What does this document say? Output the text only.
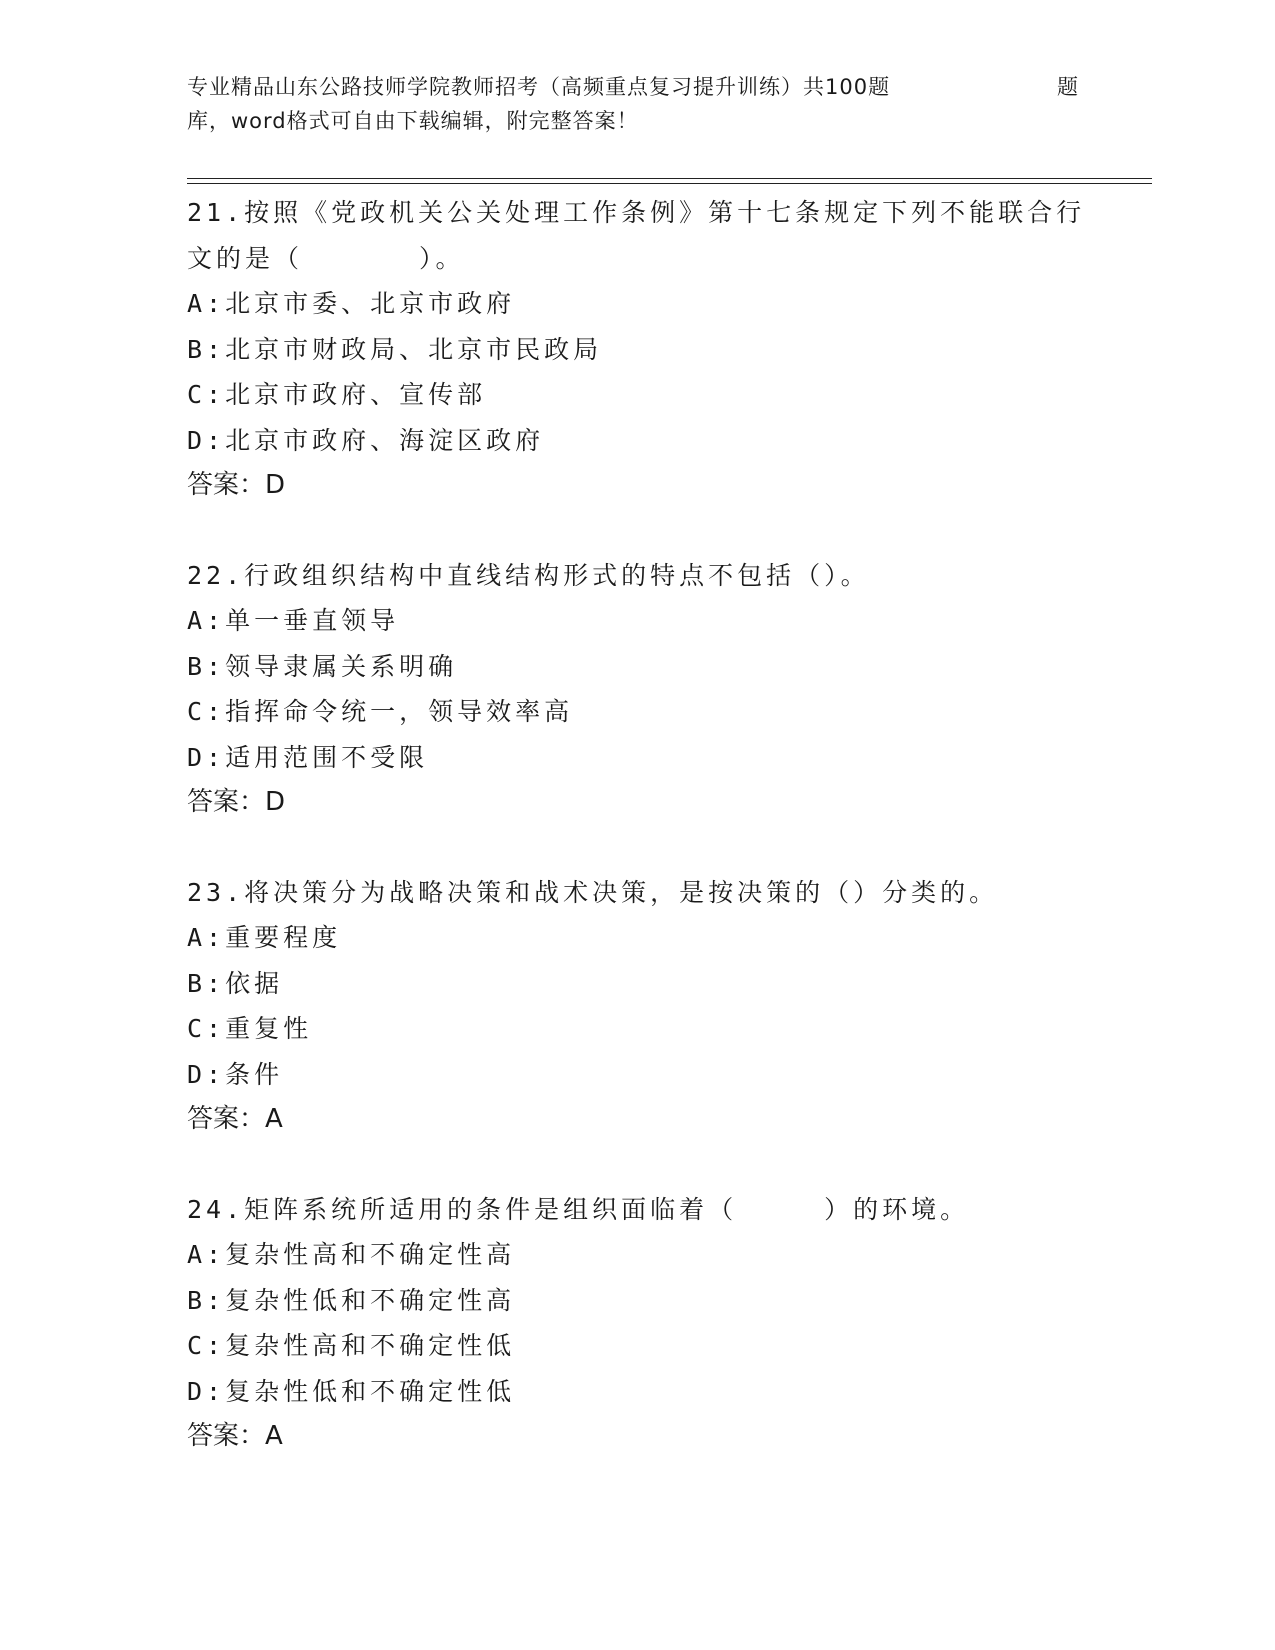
专业精品山东公路技师学院教师招考（高频重点复习提升训练）共100题	题
库，word格式可自由下载编辑，附完整答案！
21.按照《党政机关公关处理工作条例》第十七条规定下列不能联合行
文的是（　　　　）。
A:北京市委、北京市政府
B:北京市财政局、北京市民政局
C:北京市政府、宣传部
D:北京市政府、海淀区政府
答案：D
22.行政组织结构中直线结构形式的特点不包括（）。
A:单一垂直领导
B:领导隶属关系明确
C:指挥命令统一，领导效率高
D:适用范围不受限
答案：D
23.将决策分为战略决策和战术决策，是按决策的（）分类的。
A:重要程度
B:依据
C:重复性
D:条件
答案：A
24.矩阵系统所适用的条件是组织面临着（　　　）的环境。
A:复杂性高和不确定性高
B:复杂性低和不确定性高
C:复杂性高和不确定性低
D:复杂性低和不确定性低
答案：A
